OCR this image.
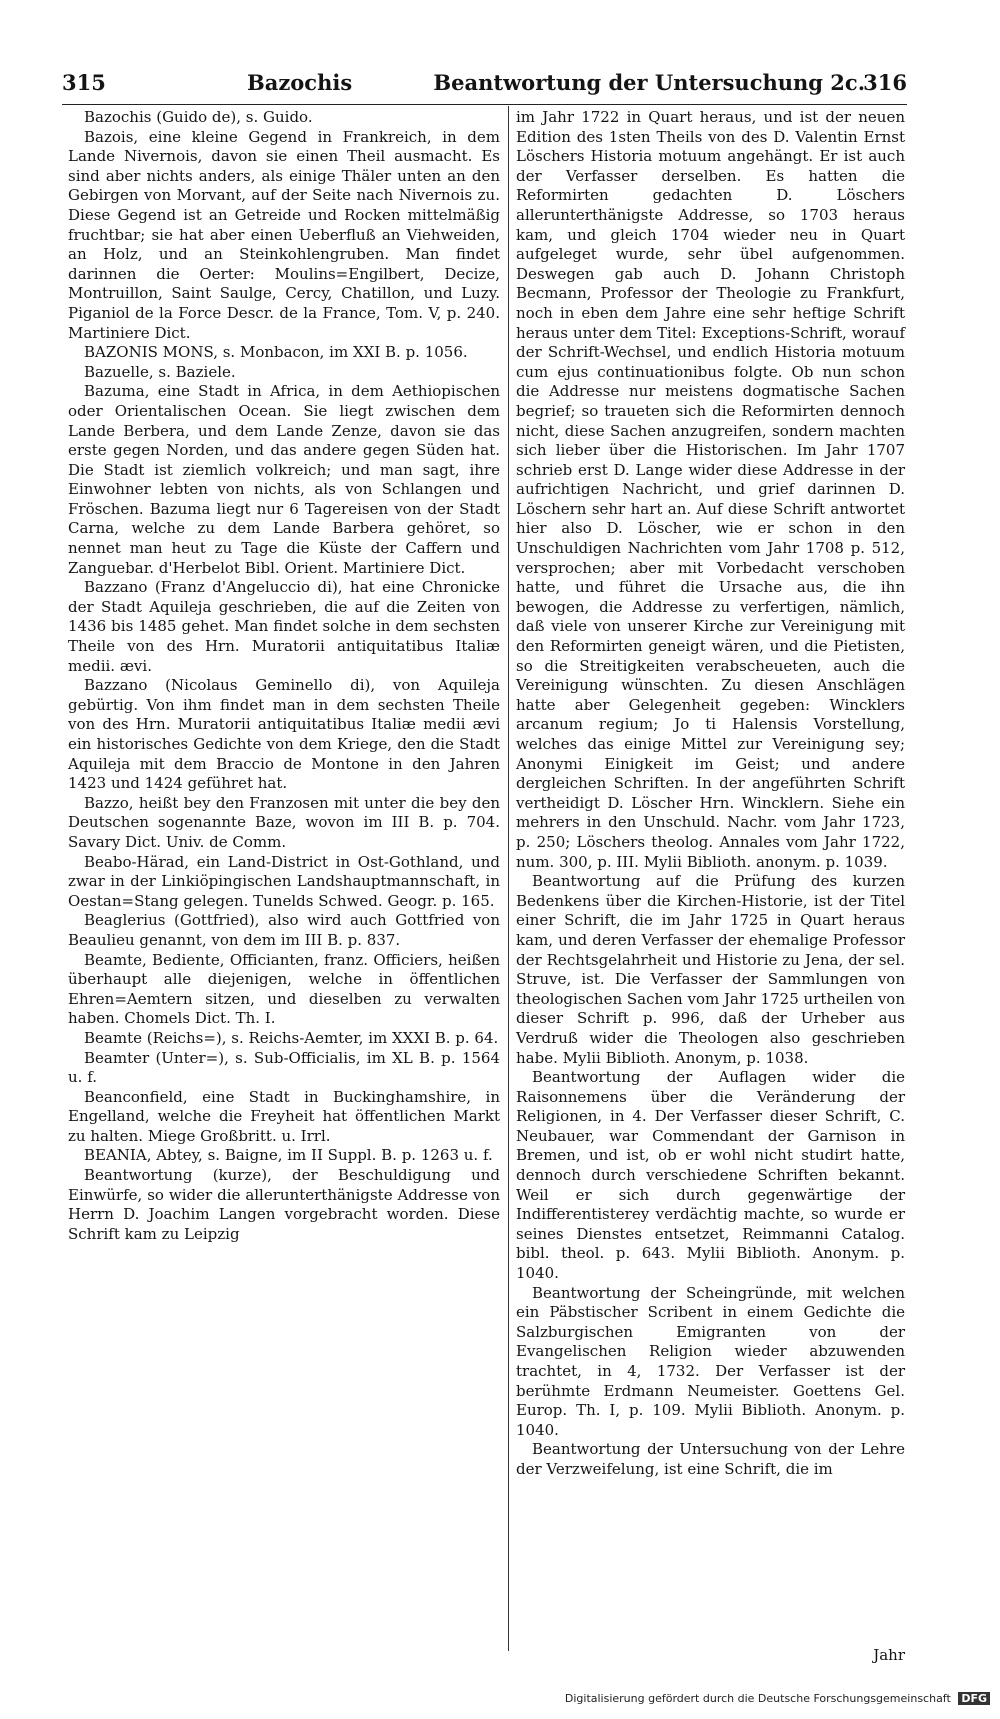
315	Bazochis	Beantwortung der Untersuchung 2c.
316

Bazochis (Guido de), s. Guido.

Bazois, eine kleine Gegend in Frankreich, in dem Lande Nivernois, davon sie einen Theil ausmacht. Es sind aber nichts anders, als einige Thäler unten an den Gebirgen von Morvant, auf der Seite nach Nivernois zu. Diese Gegend ist an Getreide und Rocken mittelmäßig fruchtbar; sie hat aber einen Ueberfluß an Viehweiden, an Holz, und an Steinkohlengruben. Man findet darinnen die Oerter: Moulins=Engilbert, Decize, Montruillon, Saint Saulge, Cercy, Chatillon, und Luzy. Piganiol de la Force Descr. de la France, Tom. V, p. 240. Martiniere Dict.

BAZONIS MONS, s. Monbacon, im XXI B. p. 1056.

Bazuelle, s. Baziele.

Bazuma, eine Stadt in Africa, in dem Aethiopischen oder Orientalischen Ocean. Sie liegt zwischen dem Lande Berbera, und dem Lande Zenze, davon sie das erste gegen Norden, und das andere gegen Süden hat. Die Stadt ist ziemlich volkreich; und man sagt, ihre Einwohner lebten von nichts, als von Schlangen und Fröschen. Bazuma liegt nur 6 Tagereisen von der Stadt Carna, welche zu dem Lande Barbera gehöret, so nennet man heut zu Tage die Küste der Caffern und Zanguebar. d'Herbelot Bibl. Orient. Martiniere Dict.

Bazzano (Franz d'Angeluccio di), hat eine Chronicke der Stadt Aquileja geschrieben, die auf die Zeiten von 1436 bis 1485 gehet. Man findet solche in dem sechsten Theile von des Hrn. Muratorii antiquitatibus Italiæ medii. ævi.

Bazzano (Nicolaus Geminello di), von Aquileja gebürtig. Von ihm findet man in dem sechsten Theile von des Hrn. Muratorii antiquitatibus Italiæ medii ævi ein historisches Gedichte von dem Kriege, den die Stadt Aquileja mit dem Braccio de Montone in den Jahren 1423 und 1424 geführet hat.

Bazzo, heißt bey den Franzosen mit unter die bey den Deutschen sogenannte Baze, wovon im III B. p. 704. Savary Dict. Univ. de Comm.

Beabo-Härad, ein Land-District in Ost-Gothland, und zwar in der Linkiöpingischen Landshauptmannschaft, in Oestan=Stang gelegen. Tunelds Schwed. Geogr. p. 165.

Beaglerius (Gottfried), also wird auch Gottfried von Beaulieu genannt, von dem im III B. p. 837.

Beamte, Bediente, Officianten, franz. Officiers, heißen überhaupt alle diejenigen, welche in öffentlichen Ehren=Aemtern sitzen, und dieselben zu verwalten haben. Chomels Dict. Th. I.

Beamte (Reichs=), s. Reichs-Aemter, im XXXI B. p. 64.

Beamter (Unter=), s. Sub-Officialis, im XL B. p. 1564 u. f.

Beanconfield, eine Stadt in Buckinghamshire, in Engelland, welche die Freyheit hat öffentlichen Markt zu halten. Miege Großbritt. u. Irrl.

BEANIA, Abtey, s. Baigne, im II Suppl. B. p. 1263 u. f.

Beantwortung (kurze), der Beschuldigung und Einwürfe, so wider die allerunterthänigste Addresse von Herrn D. Joachim Langen vorgebracht worden. Diese Schrift kam zu Leipzig

im Jahr 1722 in Quart heraus, und ist der neuen Edition des 1sten Theils von des D. Valentin Ernst Löschers Historia motuum angehängt. Er ist auch der Verfasser derselben. Es hatten die Reformirten gedachten D. Löschers allerunterthänigste Addresse, so 1703 heraus kam, und gleich 1704 wieder neu in Quart aufgeleget wurde, sehr übel aufgenommen. Deswegen gab auch D. Johann Christoph Becmann, Professor der Theologie zu Frankfurt, noch in eben dem Jahre eine sehr heftige Schrift heraus unter dem Titel: Exceptions-Schrift, worauf der Schrift-Wechsel, und endlich Historia motuum cum ejus continuationibus folgte. Ob nun schon die Addresse nur meistens dogmatische Sachen begrief; so traueten sich die Reformirten dennoch nicht, diese Sachen anzugreifen, sondern machten sich lieber über die Historischen. Im Jahr 1707 schrieb erst D. Lange wider diese Addresse in der aufrichtigen Nachricht, und grief darinnen D. Löschern sehr hart an. Auf diese Schrift antwortet hier also D. Löscher, wie er schon in den Unschuldigen Nachrichten vom Jahr 1708 p. 512, versprochen; aber mit Vorbedacht verschoben hatte, und führet die Ursache aus, die ihn bewogen, die Addresse zu verfertigen, nämlich, daß viele von unserer Kirche zur Vereinigung mit den Reformirten geneigt wären, und die Pietisten, so die Streitigkeiten verabscheueten, auch die Vereinigung wünschten. Zu diesen Anschlägen hatte aber Gelegenheit gegeben: Wincklers arcanum regium; Jo ti Halensis Vorstellung, welches das einige Mittel zur Vereinigung sey; Anonymi Einigkeit im Geist; und andere dergleichen Schriften. In der angeführten Schrift vertheidigt D. Löscher Hrn. Wincklern. Siehe ein mehrers in den Unschuld. Nachr. vom Jahr 1723, p. 250; Löschers theolog. Annales vom Jahr 1722, num. 300, p. III. Mylii Biblioth. anonym. p. 1039.

Beantwortung auf die Prüfung des kurzen Bedenkens über die Kirchen-Historie, ist der Titel einer Schrift, die im Jahr 1725 in Quart heraus kam, und deren Verfasser der ehemalige Professor der Rechtsgelahrheit und Historie zu Jena, der sel. Struve, ist. Die Verfasser der Sammlungen von theologischen Sachen vom Jahr 1725 urtheilen von dieser Schrift p. 996, daß der Urheber aus Verdruß wider die Theologen also geschrieben habe. Mylii Biblioth. Anonym, p. 1038.

Beantwortung der Auflagen wider die Raisonnemens über die Veränderung der Religionen, in 4. Der Verfasser dieser Schrift, C. Neubauer, war Commendant der Garnison in Bremen, und ist, ob er wohl nicht studirt hatte, dennoch durch verschiedene Schriften bekannt. Weil er sich durch gegenwärtige der Indifferentisterey verdächtig machte, so wurde er seines Dienstes entsetzet, Reimmanni Catalog. bibl. theol. p. 643. Mylii Biblioth. Anonym. p. 1040.

Beantwortung der Scheingründe, mit welchen ein Päbstischer Scribent in einem Gedichte die Salzburgischen Emigranten von der Evangelischen Religion wieder abzuwenden trachtet, in 4, 1732. Der Verfasser ist der berühmte Erdmann Neumeister. Goettens Gel. Europ. Th. I, p. 109. Mylii Biblioth. Anonym. p. 1040.

Beantwortung der Untersuchung von der Lehre der Verzweifelung, ist eine Schrift, die im

Jahr
Digitalisierung gefördert durch die Deutsche Forschungsgemeinschaft DFG
